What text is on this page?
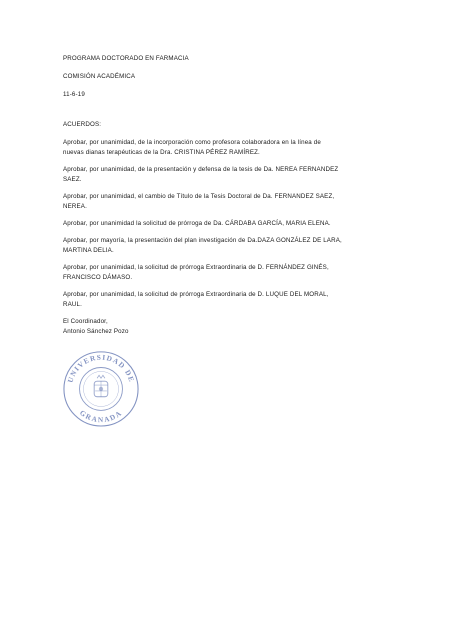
PROGRAMA DOCTORADO EN FARMACIA
COMISIÓN ACADÉMICA
11-6-19
ACUERDOS:
Aprobar, por unanimidad, de la incorporación como profesora colaboradora en la línea de
nuevas dianas terapéuticas de la Dra. CRISTINA PÉREZ RAMÍREZ.
Aprobar, por unanimidad, de la presentación y defensa de la tesis de Da. NEREA FERNANDEZ
SAEZ.
Aprobar, por unanimidad, el cambio de Título de la Tesis Doctoral de Da. FERNANDEZ SAEZ,
NEREA.
Aprobar, por unanimidad la solicitud de prórroga de Da. CÁRDABA GARCÍA, MARIA ELENA.
Aprobar, por mayoría, la presentación del plan investigación de Da.DAZA GONZÁLEZ DE LARA,
MARTINA DELIA.
Aprobar, por unanimidad, la solicitud de prórroga Extraordinaria de D. FERNÁNDEZ GINÉS,
FRANCISCO DÁMASO.
Aprobar, por unanimidad, la solicitud de prórroga Extraordinaria de D. LUQUE DEL MORAL,
RAUL.
El Coordinador,
Antonio Sánchez Pozo
UNIVERSIDAD DE
GRANADA
